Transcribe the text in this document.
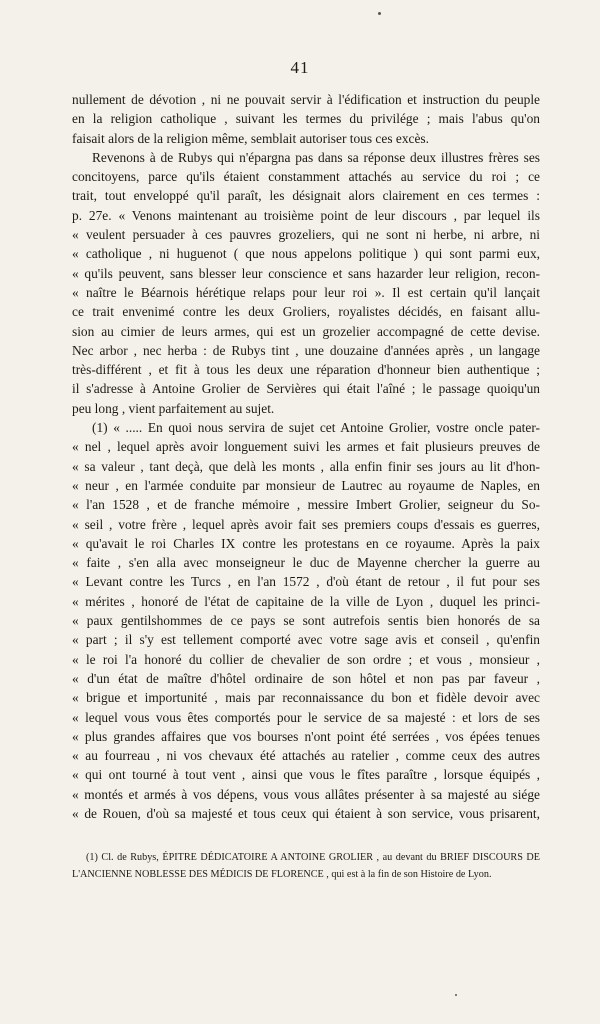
41
nullement de dévotion , ni ne pouvait servir à l'édification et instruction du peuple
en la religion catholique , suivant les termes du privilége ; mais l'abus qu'on
faisait alors de la religion même, semblait autoriser tous ces excès.
Revenons à de Rubys qui n'épargna pas dans sa réponse deux illustres frères ses
concitoyens, parce qu'ils étaient constamment attachés au service du roi ; ce
trait, tout enveloppé qu'il paraît, les désignait alors clairement en ces termes :
p. 27e. « Venons maintenant au troisième point de leur discours , par lequel ils
« veulent persuader à ces pauvres grozeliers, qui ne sont ni herbe, ni arbre, ni
« catholique , ni huguenot ( que nous appelons politique ) qui sont parmi eux,
« qu'ils peuvent, sans blesser leur conscience et sans hazarder leur religion, recon-
« naître le Béarnois hérétique relaps pour leur roi ». Il est certain qu'il lançait
ce trait envenimé contre les deux Groliers, royalistes décidés, en faisant allu-
sion au cimier de leurs armes, qui est un grozelier accompagné de cette devise.
Nec arbor , nec herba : de Rubys tint , une douzaine d'années après , un langage
très-différent , et fit à tous les deux une réparation d'honneur bien authentique ;
il s'adresse à Antoine Grolier de Servières qui était l'aîné ; le passage quoiqu'un
peu long , vient parfaitement au sujet.
(1) « ..... En quoi nous servira de sujet cet Antoine Grolier, vostre oncle pater-
« nel , lequel après avoir longuement suivi les armes et fait plusieurs preuves de
« sa valeur , tant deçà, que delà les monts , alla enfin finir ses jours au lit d'hon-
« neur , en l'armée conduite par monsieur de Lautrec au royaume de Naples, en
« l'an 1528 , et de franche mémoire , messire Imbert Grolier, seigneur du So-
« seil , votre frère , lequel après avoir fait ses premiers coups d'essais es guerres,
« qu'avait le roi Charles IX contre les protestans en ce royaume. Après la paix
« faite , s'en alla avec monseigneur le duc de Mayenne chercher la guerre au
« Levant contre les Turcs , en l'an 1572 , d'où étant de retour , il fut pour ses
« mérites , honoré de l'état de capitaine de la ville de Lyon , duquel les princi-
« paux gentilshommes de ce pays se sont autrefois sentis bien honorés de sa
« part ; il s'y est tellement comporté avec votre sage avis et conseil , qu'enfin
« le roi l'a honoré du collier de chevalier de son ordre ; et vous , monsieur ,
« d'un état de maître d'hôtel ordinaire de son hôtel et non pas par faveur ,
« brigue et importunité , mais par reconnaissance du bon et fidèle devoir avec
« lequel vous vous êtes comportés pour le service de sa majesté : et lors de ses
« plus grandes affaires que vos bourses n'ont point été serrées , vos épées tenues
« au fourreau , ni vos chevaux été attachés au ratelier , comme ceux des autres
« qui ont tourné à tout vent , ainsi que vous le fîtes paraître , lorsque équipés ,
« montés et armés à vos dépens, vous vous allâtes présenter à sa majesté au siége
« de Rouen, d'où sa majesté et tous ceux qui étaient à son service, vous prisarent,
(1) Cl. de Rubys, ÉPITRE DÉDICATOIRE A ANTOINE GROLIER , au devant du BRIEF DISCOURS DE
L'ANCIENNE NOBLESSE DES MÉDICIS DE FLORENCE , qui est à la fin de son Histoire de Lyon.
